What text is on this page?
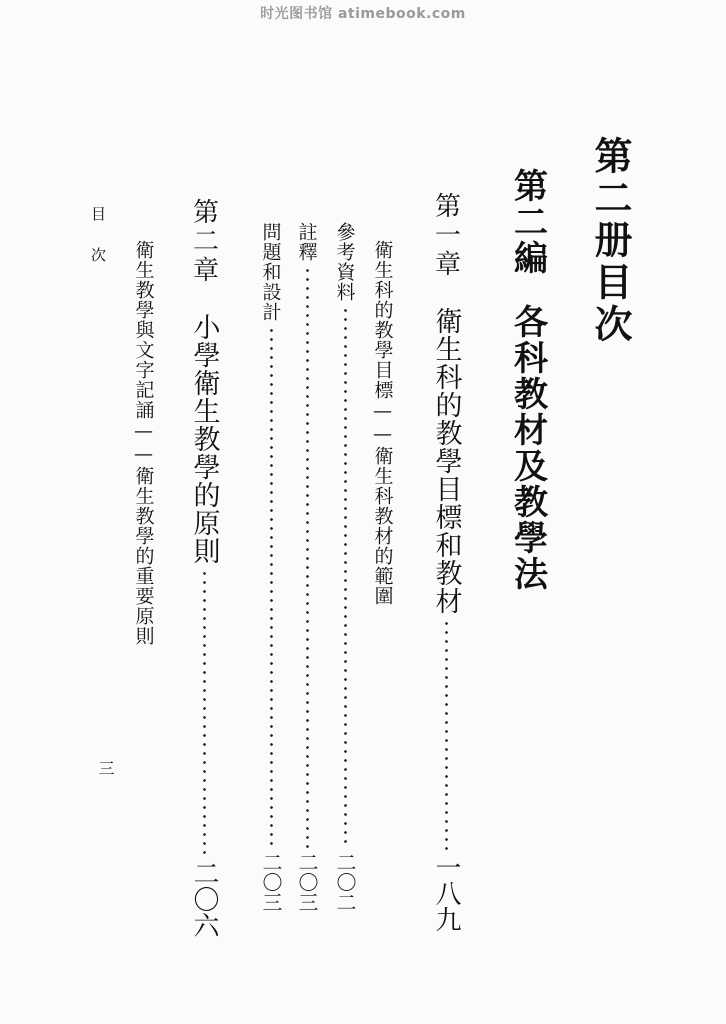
时光图书馆 atimebook.com
第二册目次
第二編
各科教材及教學法
第一章
衛生科的教學目標和教材
一八九
衛生科的教學目標——衛生科教材的範圍
參考資料
二〇二
註釋
二〇三
問題和設計
二〇三
第二章
小學衛生教學的原則
二〇六
衛生教學與文字記誦——衛生教學的重要原則
目次
三
